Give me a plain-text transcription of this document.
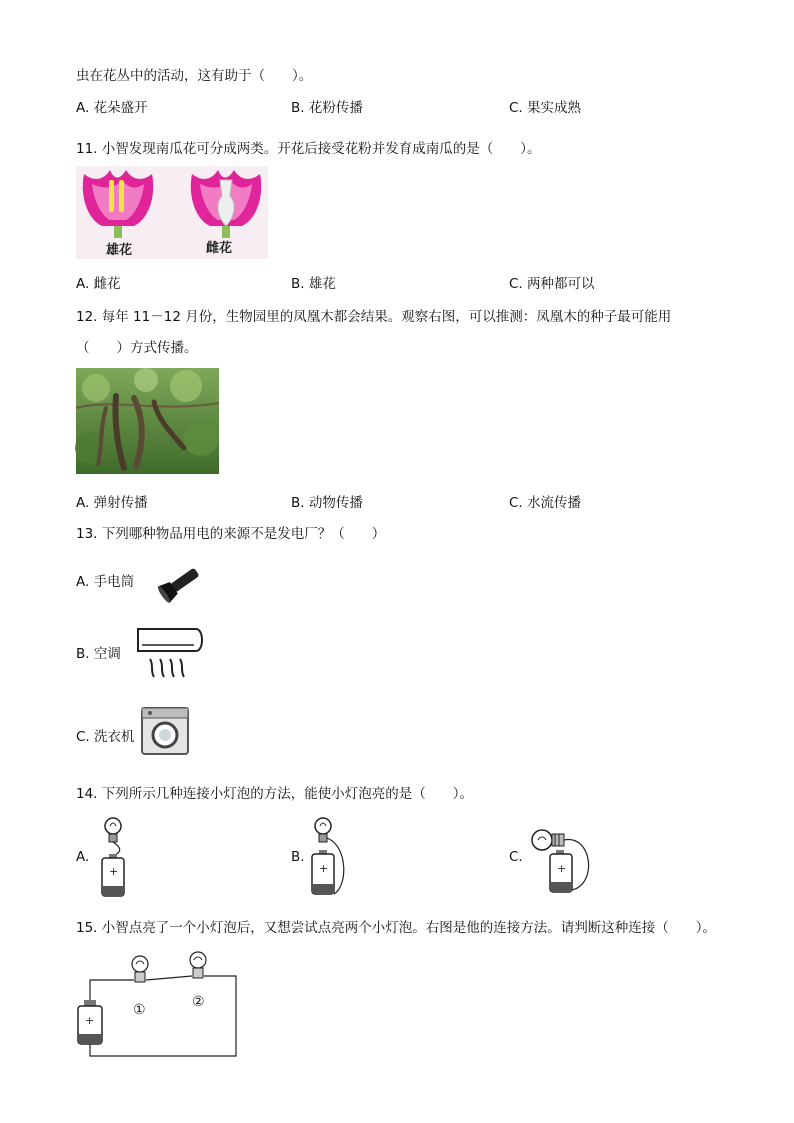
虫在花丛中的活动，这有助于（　　）。
A. 花朵盛开	B. 花粉传播	C. 果实成熟
11. 小智发现南瓜花可分成两类。开花后接受花粉并发育成南瓜的是（　　）。
雄花	雌花
A. 雌花	B. 雄花	C. 两种都可以
12. 每年 11－12 月份，生物园里的凤凰木都会结果。观察右图，可以推测：凤凰木的种子最可能用
（　　）方式传播。
A. 弹射传播	B. 动物传播	C. 水流传播
13. 下列哪种物品用电的来源不是发电厂？（　　）
A. 手电筒
B. 空调
C. 洗衣机
14. 下列所示几种连接小灯泡的方法，能使小灯泡亮的是（　　）。
A.
+
B.
+
C.
+
15. 小智点亮了一个小灯泡后，又想尝试点亮两个小灯泡。右图是他的连接方法。请判断这种连接（　　）。
①	②
+
